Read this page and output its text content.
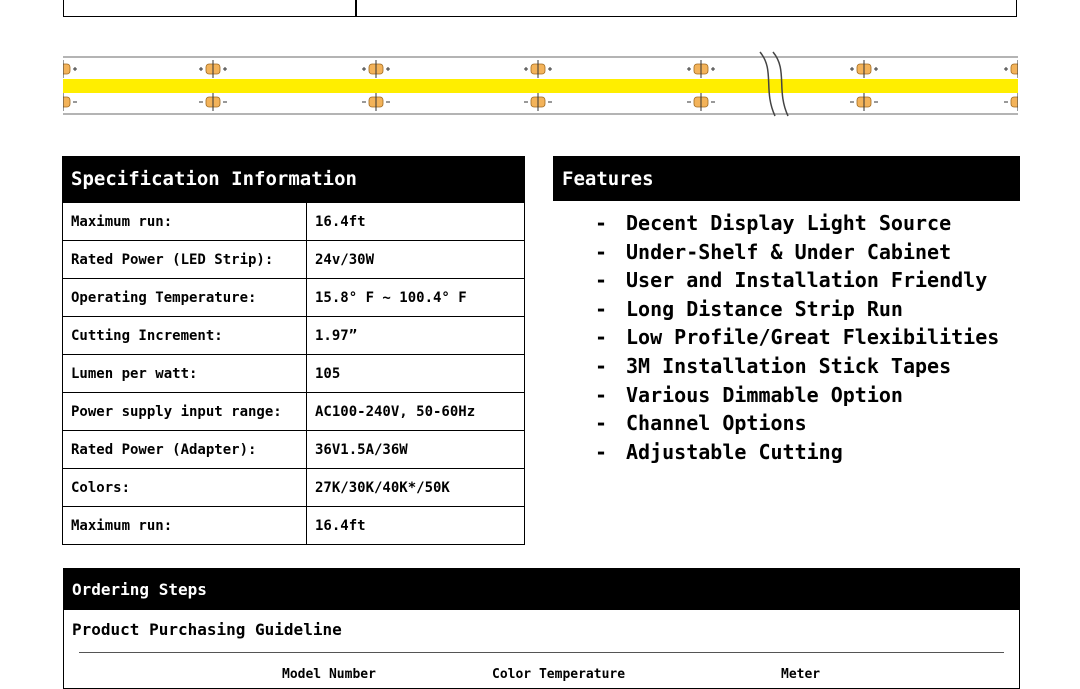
Specification Information
Maximum run:	16.4ft
Rated Power (LED Strip):	24v/30W
Operating Temperature:	15.8° F ~ 100.4° F
Cutting Increment:	1.97”
Lumen per watt:	105
Power supply input range:	AC100-240V, 50-60Hz
Rated Power (Adapter):	36V1.5A/36W
Colors:	27K/30K/40K*/50K
Maximum run:	16.4ft
Features
- Decent Display Light Source
- Under-Shelf & Under Cabinet
- User and Installation Friendly
- Long Distance Strip Run
- Low Profile/Great Flexibilities
- 3M Installation Stick Tapes
- Various Dimmable Option
- Channel Options
- Adjustable Cutting
Ordering Steps
Product Purchasing Guideline
Model Number	Color Temperature	Meter
